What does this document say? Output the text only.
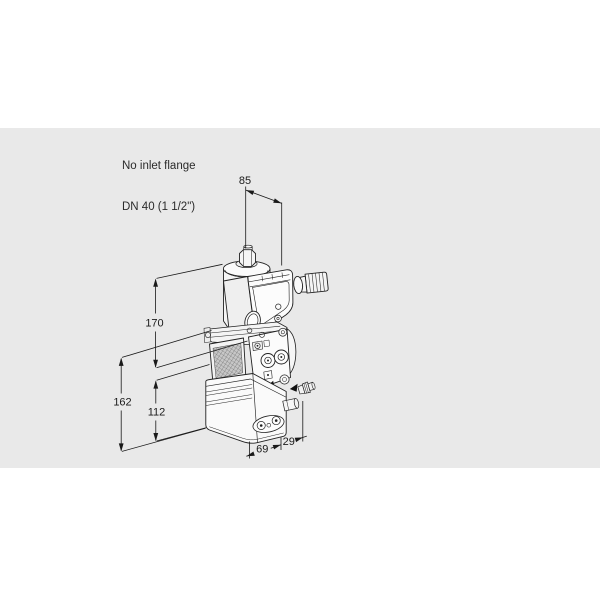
No inlet flange

DN 40 (1 1/2")

85
170
162
112
69
29
